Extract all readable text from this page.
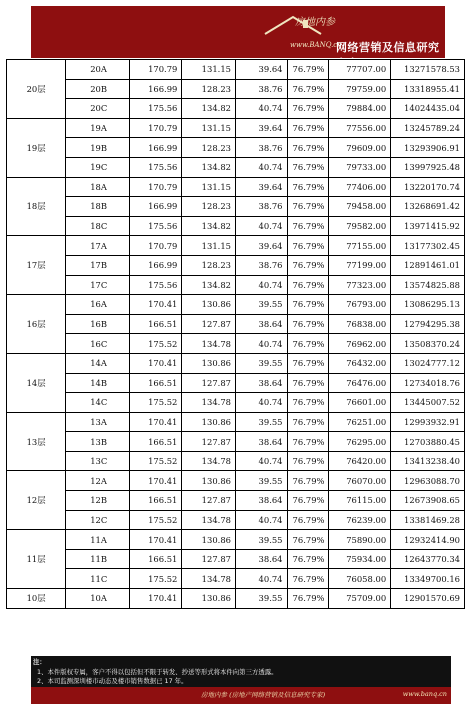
房地内参
www.BANQ.cn
网络营销及信息研究专家
20层	20A	170.79	131.15	39.64	76.79%	77707.00	13271578.53
	20B	166.99	128.23	38.76	76.79%	79759.00	13318955.41
	20C	175.56	134.82	40.74	76.79%	79884.00	14024435.04
19层	19A	170.79	131.15	39.64	76.79%	77556.00	13245789.24
	19B	166.99	128.23	38.76	76.79%	79609.00	13293906.91
	19C	175.56	134.82	40.74	76.79%	79733.00	13997925.48
18层	18A	170.79	131.15	39.64	76.79%	77406.00	13220170.74
	18B	166.99	128.23	38.76	76.79%	79458.00	13268691.42
	18C	175.56	134.82	40.74	76.79%	79582.00	13971415.92
17层	17A	170.79	131.15	39.64	76.79%	77155.00	13177302.45
	17B	166.99	128.23	38.76	76.79%	77199.00	12891461.01
	17C	175.56	134.82	40.74	76.79%	77323.00	13574825.88
16层	16A	170.41	130.86	39.55	76.79%	76793.00	13086295.13
	16B	166.51	127.87	38.64	76.79%	76838.00	12794295.38
	16C	175.52	134.78	40.74	76.79%	76962.00	13508370.24
14层	14A	170.41	130.86	39.55	76.79%	76432.00	13024777.12
	14B	166.51	127.87	38.64	76.79%	76476.00	12734018.76
	14C	175.52	134.78	40.74	76.79%	76601.00	13445007.52
13层	13A	170.41	130.86	39.55	76.79%	76251.00	12993932.91
	13B	166.51	127.87	38.64	76.79%	76295.00	12703880.45
	13C	175.52	134.78	40.74	76.79%	76420.00	13413238.40
12层	12A	170.41	130.86	39.55	76.79%	76070.00	12963088.70
	12B	166.51	127.87	38.64	76.79%	76115.00	12673908.65
	12C	175.52	134.78	40.74	76.79%	76239.00	13381469.28
11层	11A	170.41	130.86	39.55	76.79%	75890.00	12932414.90
	11B	166.51	127.87	38.64	76.79%	75934.00	12643770.34
	11C	175.52	134.78	40.74	76.79%	76058.00	13349700.16
10层	10A	170.41	130.86	39.55	76.79%	75709.00	12901570.69
注：
1、本件版权专属，客户不得以包括但不限于转发、抄送等形式将本件向第三方透露。
2、本司监测深圳楼市动态及楼市销售数据已 17 年。
房地内参 (房地产网络营销及信息研究专家)	www.banq.cn
